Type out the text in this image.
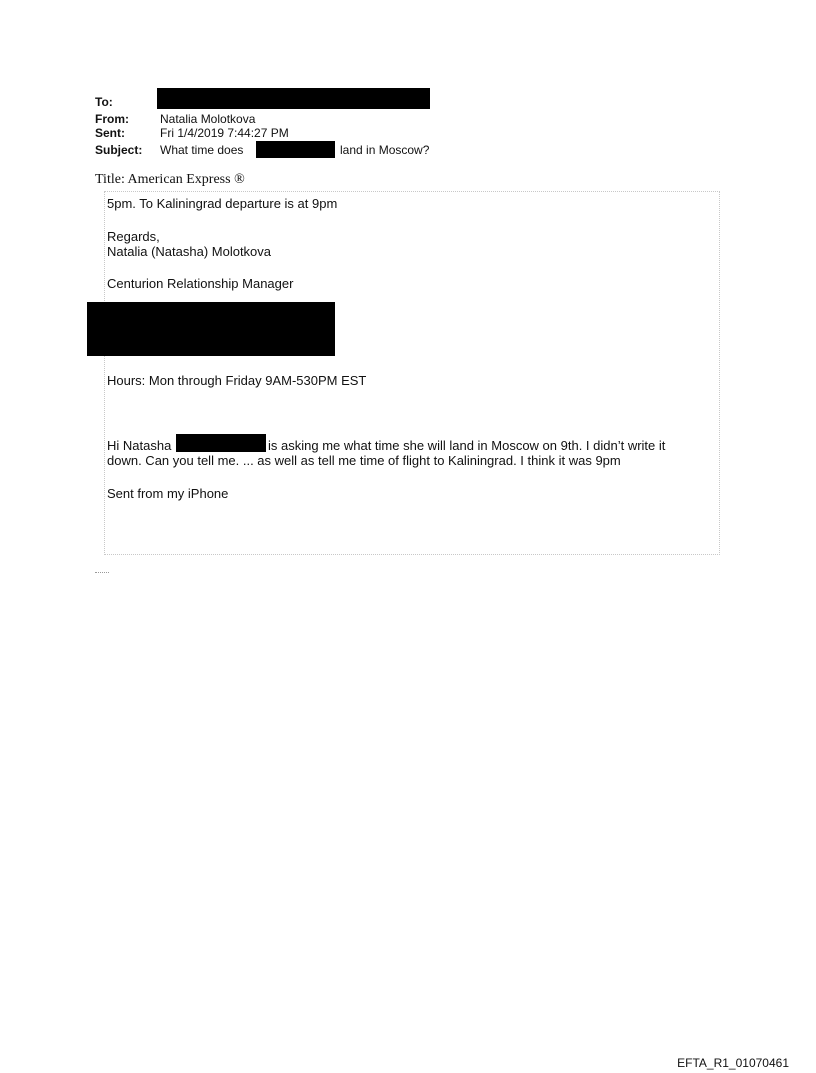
To:
From:	Natalia Molotkova
Sent:	Fri 1/4/2019 7:44:27 PM
Subject: What time does	land in Moscow?
Title: American Express ®
5pm. To Kaliningrad departure is at 9pm
Regards,
Natalia (Natasha) Molotkova
Centurion Relationship Manager
Hours: Mon through Friday 9AM-530PM EST
Hi Natasha	is asking me what time she will land in Moscow on 9th. I didn’t write it
down. Can you tell me. ... as well as tell me time of flight to Kaliningrad. I think it was 9pm
Sent from my iPhone
EFTA_R1_01070461
